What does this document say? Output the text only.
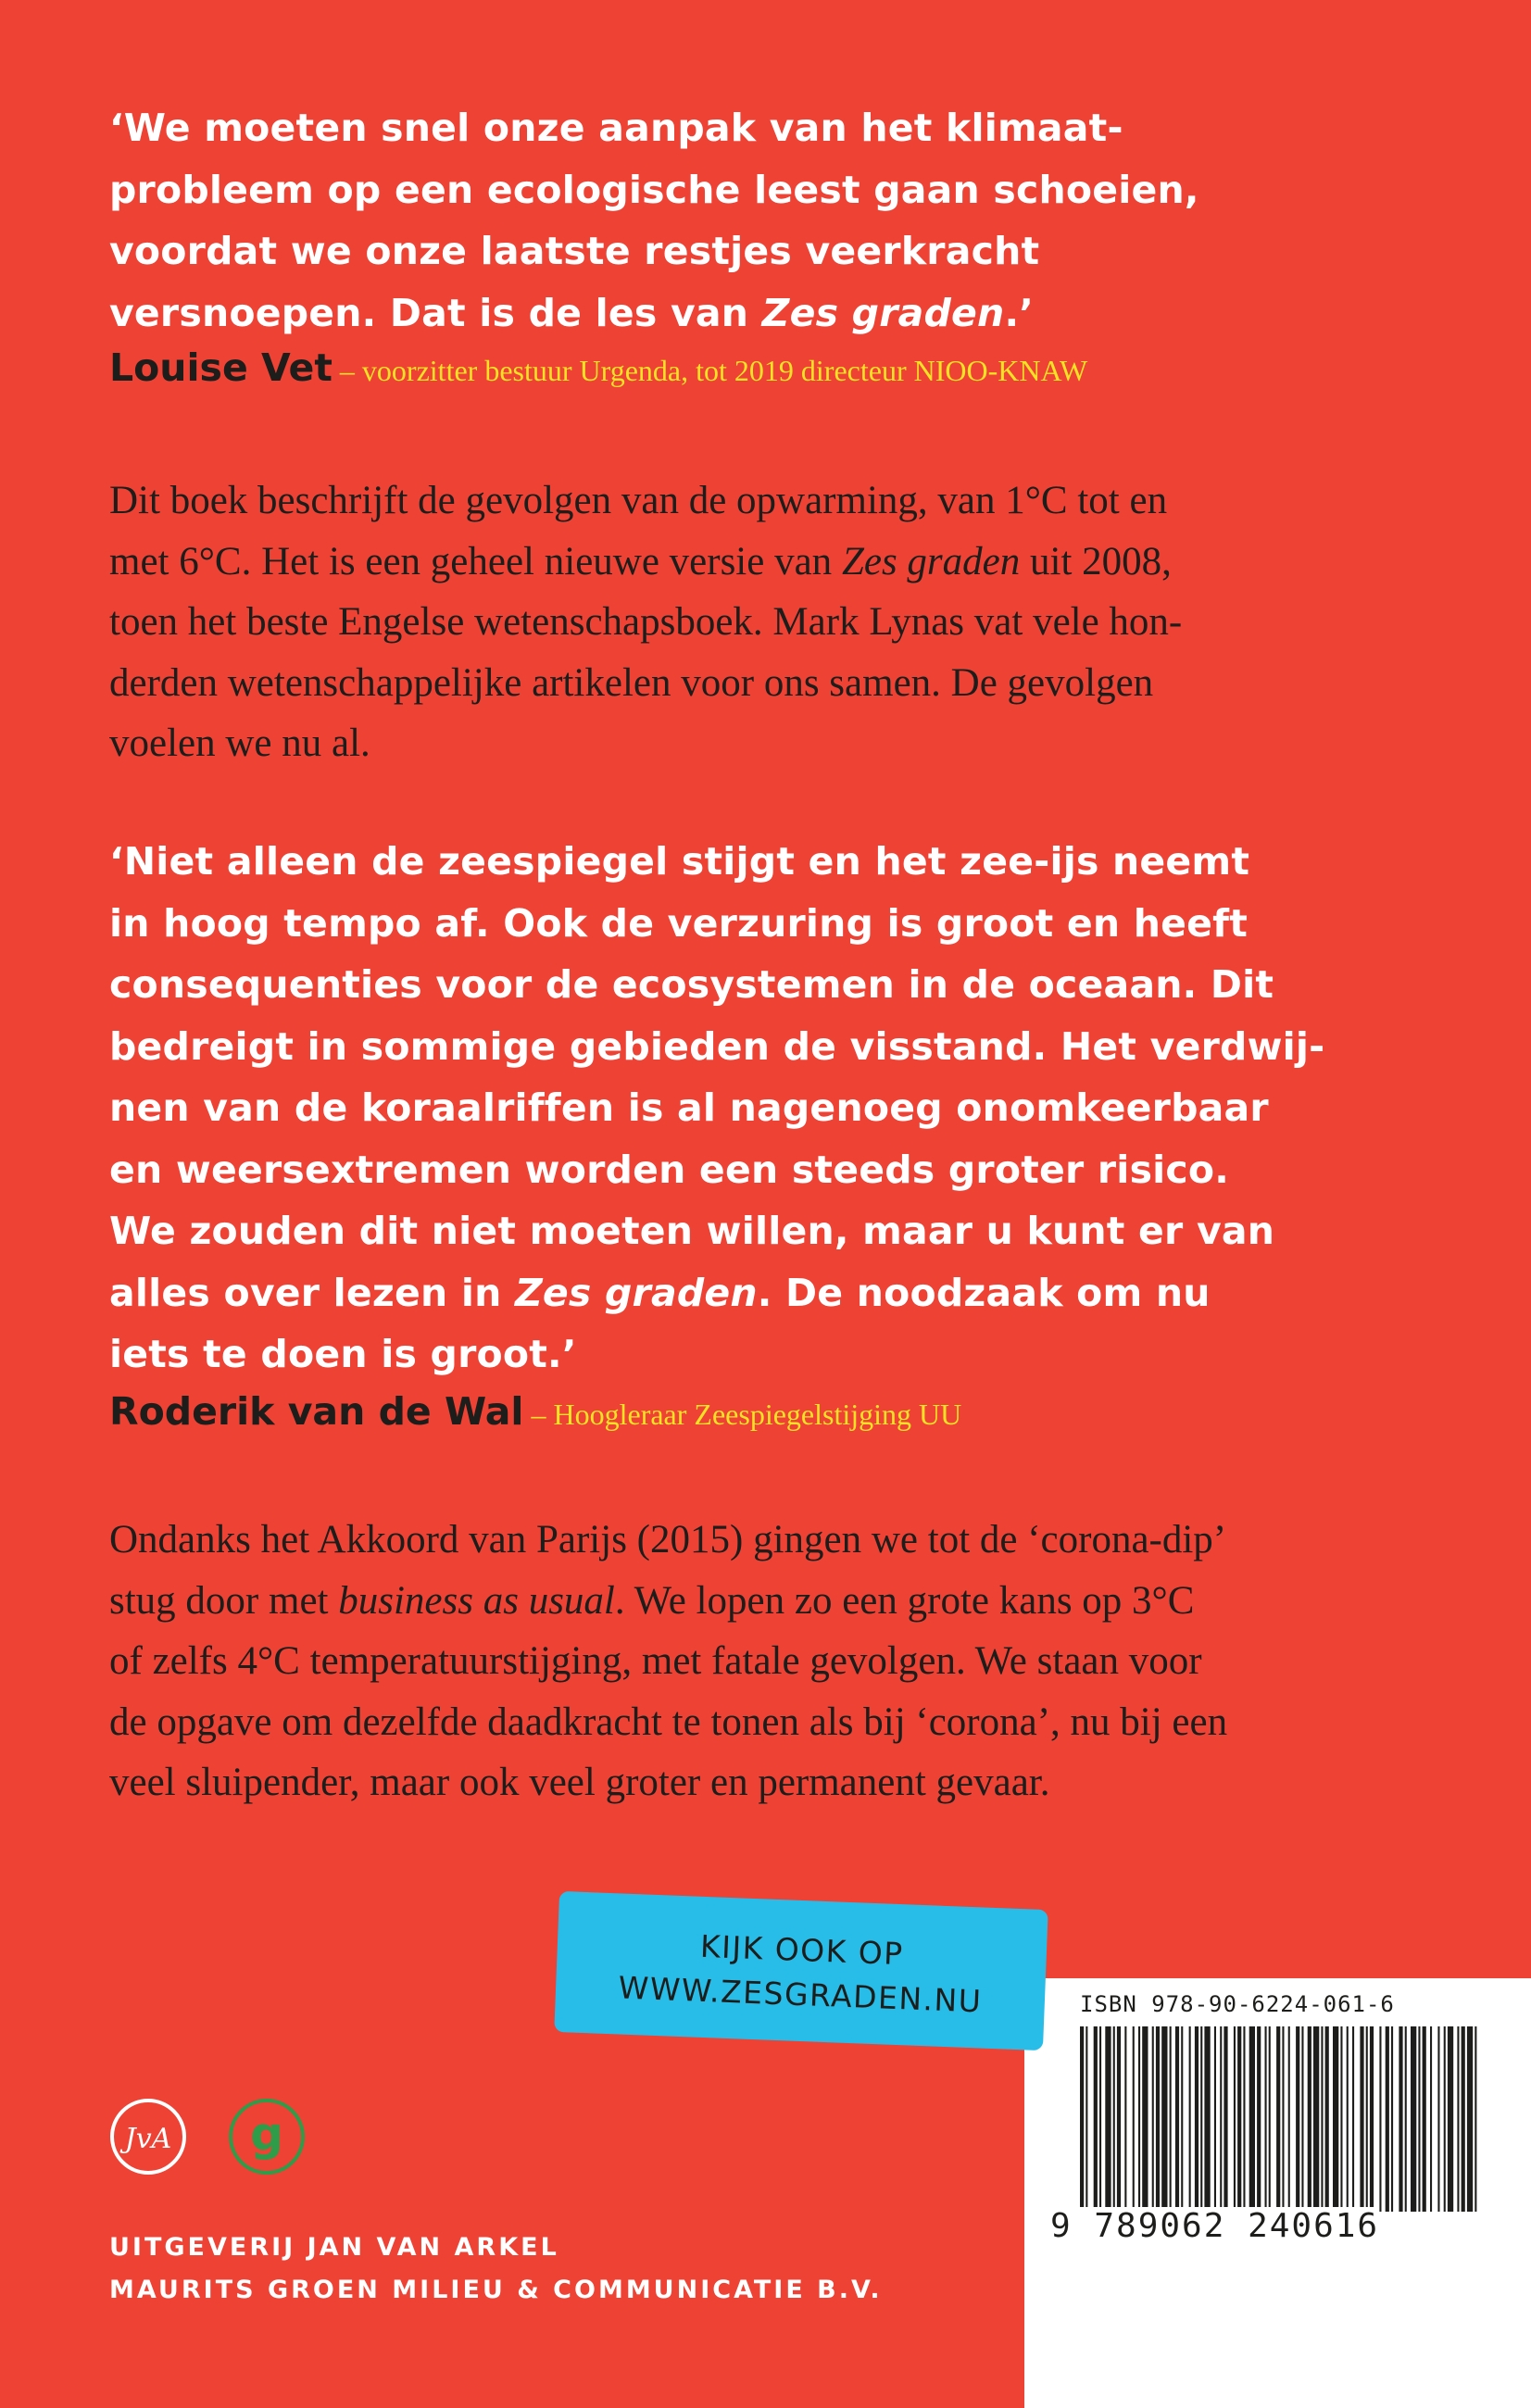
‘We moeten snel onze aanpak van het klimaat-
probleem op een ecologische leest gaan schoeien,
voordat we onze laatste restjes veerkracht
versnoepen. Dat is de les van Zes graden.’
Louise Vet – voorzitter bestuur Urgenda, tot 2019 directeur NIOO-KNAW
Dit boek beschrijft de gevolgen van de opwarming, van 1°C tot en
met 6°C. Het is een geheel nieuwe versie van Zes graden uit 2008,
toen het beste Engelse wetenschapsboek. Mark Lynas vat vele hon-
derden wetenschappelijke artikelen voor ons samen. De gevolgen
voelen we nu al.
‘Niet alleen de zeespiegel stijgt en het zee-ijs neemt
in hoog tempo af. Ook de verzuring is groot en heeft
consequenties voor de ecosystemen in de oceaan. Dit
bedreigt in sommige gebieden de visstand. Het verdwij-
nen van de koraalriffen is al nagenoeg onomkeerbaar
en weersextremen worden een steeds groter risico.
We zouden dit niet moeten willen, maar u kunt er van
alles over lezen in Zes graden. De noodzaak om nu
iets te doen is groot.’
Roderik van de Wal – Hoogleraar Zeespiegelstijging UU
Ondanks het Akkoord van Parijs (2015) gingen we tot de ‘corona-dip’
stug door met business as usual. We lopen zo een grote kans op 3°C
of zelfs 4°C temperatuurstijging, met fatale gevolgen. We staan voor
de opgave om dezelfde daadkracht te tonen als bij ‘corona’, nu bij een
veel sluipender, maar ook veel groter en permanent gevaar.
ISBN 978-90-6224-061-6
9 789062 240616
KIJK OOK OP
WWW.ZESGRADEN.NU
JvA g
UITGEVERIJ JAN VAN ARKEL
MAURITS GROEN MILIEU & COMMUNICATIE B.V.
